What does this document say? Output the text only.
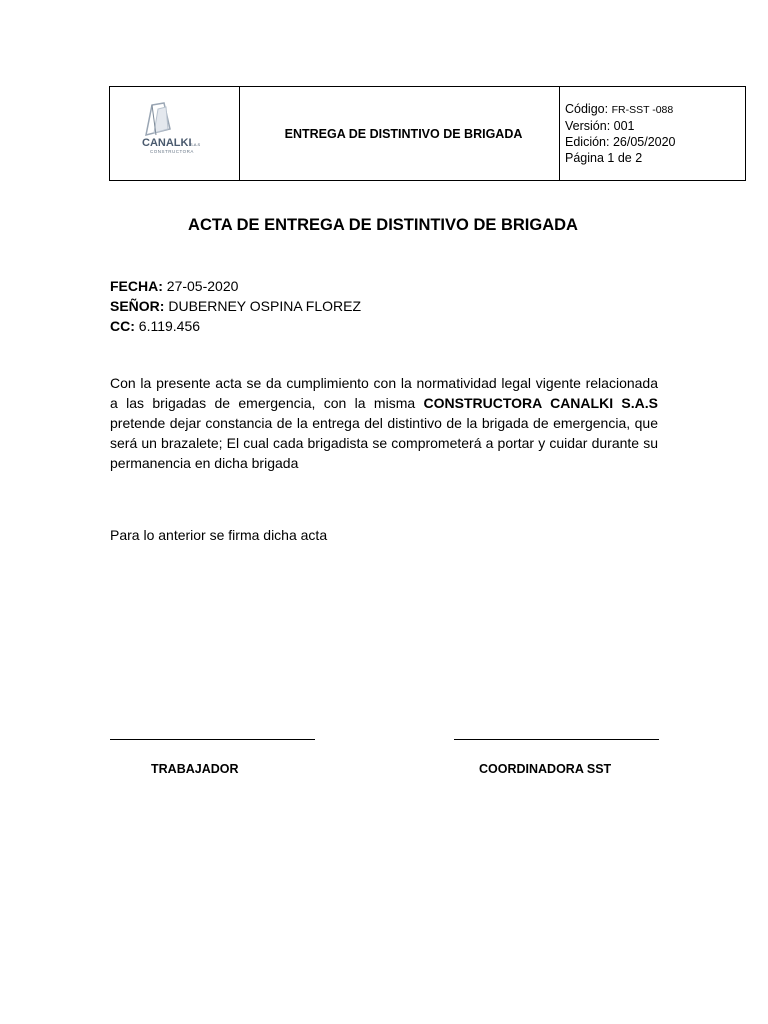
CANALKI
S.A.S
CONSTRUCTORA
ENTREGA DE DISTINTIVO DE BRIGADA
Código: FR-SST -088
Versión: 001
Edición: 26/05/2020
Página 1 de 2
ACTA DE ENTREGA DE DISTINTIVO DE BRIGADA
FECHA: 27-05-2020
SEÑOR: DUBERNEY OSPINA FLOREZ
CC: 6.119.456
Con la presente acta se da cumplimiento con la normatividad legal vigente relacionada a las brigadas de emergencia, con la misma CONSTRUCTORA CANALKI S.A.S pretende dejar constancia de la entrega del distintivo de la brigada de emergencia, que será un brazalete; El cual cada brigadista se comprometerá a portar y cuidar durante su permanencia en dicha brigada
Para lo anterior se firma dicha acta
TRABAJADOR	COORDINADORA SST
